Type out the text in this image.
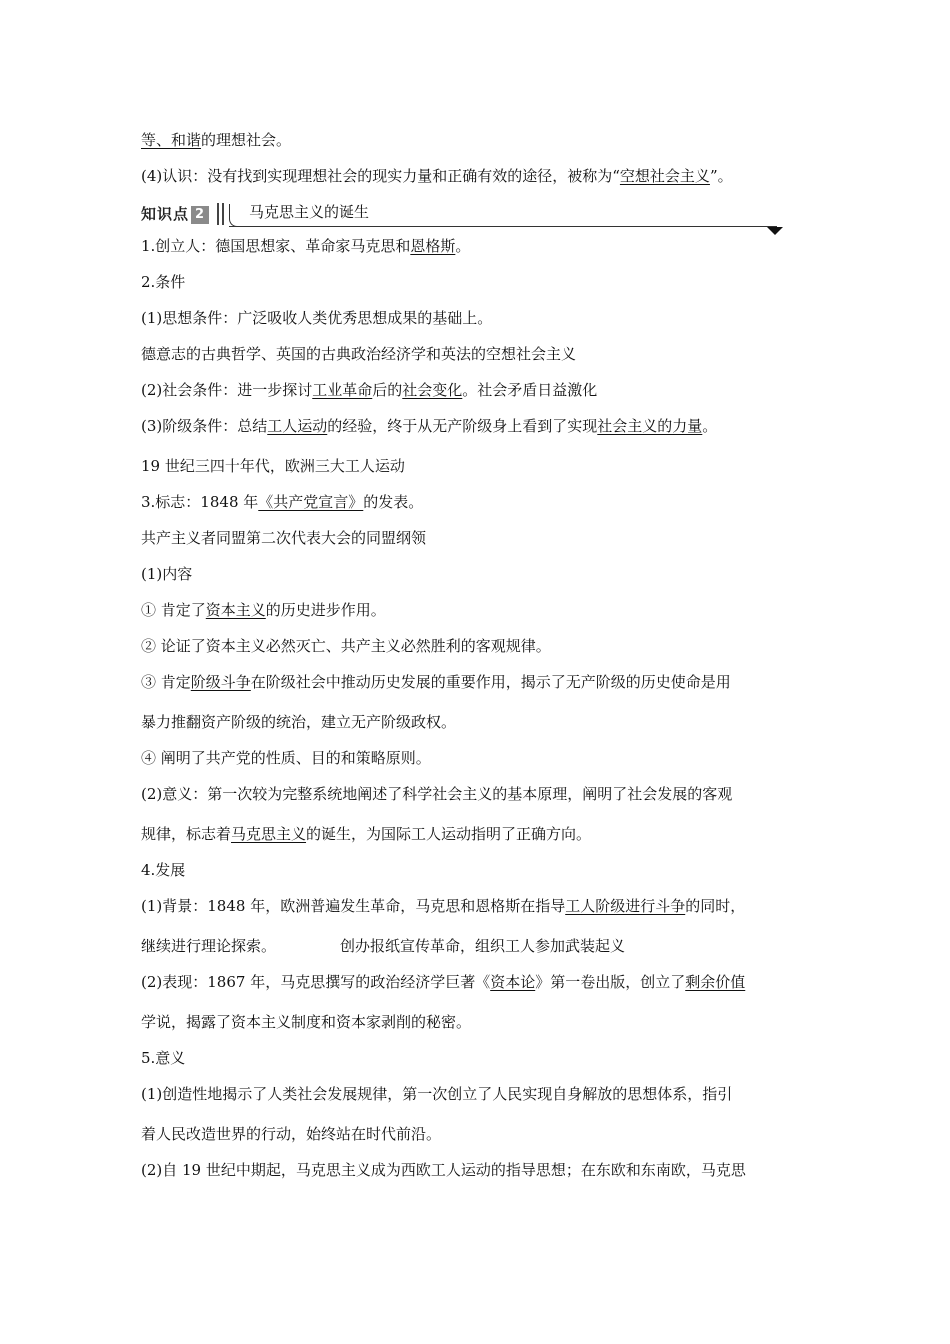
等、和谐的理想社会。
(4)认识：没有找到实现理想社会的现实力量和正确有效的途径，被称为“空想社会主义”。
知识点 2	马克思主义的诞生
1.创立人：德国思想家、革命家马克思和恩格斯。
2.条件
(1)思想条件：广泛吸收人类优秀思想成果的基础上。
德意志的古典哲学、英国的古典政治经济学和英法的空想社会主义
(2)社会条件：进一步探讨工业革命后的社会变化。社会矛盾日益激化
(3)阶级条件：总结工人运动的经验，终于从无产阶级身上看到了实现社会主义的力量。
19 世纪三四十年代，欧洲三大工人运动
3.标志：1848 年《共产党宣言》的发表。
共产主义者同盟第二次代表大会的同盟纲领
(1)内容
① 肯定了资本主义的历史进步作用。
② 论证了资本主义必然灭亡、共产主义必然胜利的客观规律。
③ 肯定阶级斗争在阶级社会中推动历史发展的重要作用，揭示了无产阶级的历史使命是用
暴力推翻资产阶级的统治，建立无产阶级政权。
④ 阐明了共产党的性质、目的和策略原则。
(2)意义：第一次较为完整系统地阐述了科学社会主义的基本原理，阐明了社会发展的客观
规律，标志着马克思主义的诞生，为国际工人运动指明了正确方向。
4.发展
(1)背景：1848 年，欧洲普遍发生革命，马克思和恩格斯在指导工人阶级进行斗争的同时，
继续进行理论探索。	创办报纸宣传革命，组织工人参加武装起义
(2)表现：1867 年，马克思撰写的政治经济学巨著《资本论》第一卷出版，创立了剩余价值
学说，揭露了资本主义制度和资本家剥削的秘密。
5.意义
(1)创造性地揭示了人类社会发展规律，第一次创立了人民实现自身解放的思想体系，指引
着人民改造世界的行动，始终站在时代前沿。
(2)自 19 世纪中期起，马克思主义成为西欧工人运动的指导思想；在东欧和东南欧，马克思
